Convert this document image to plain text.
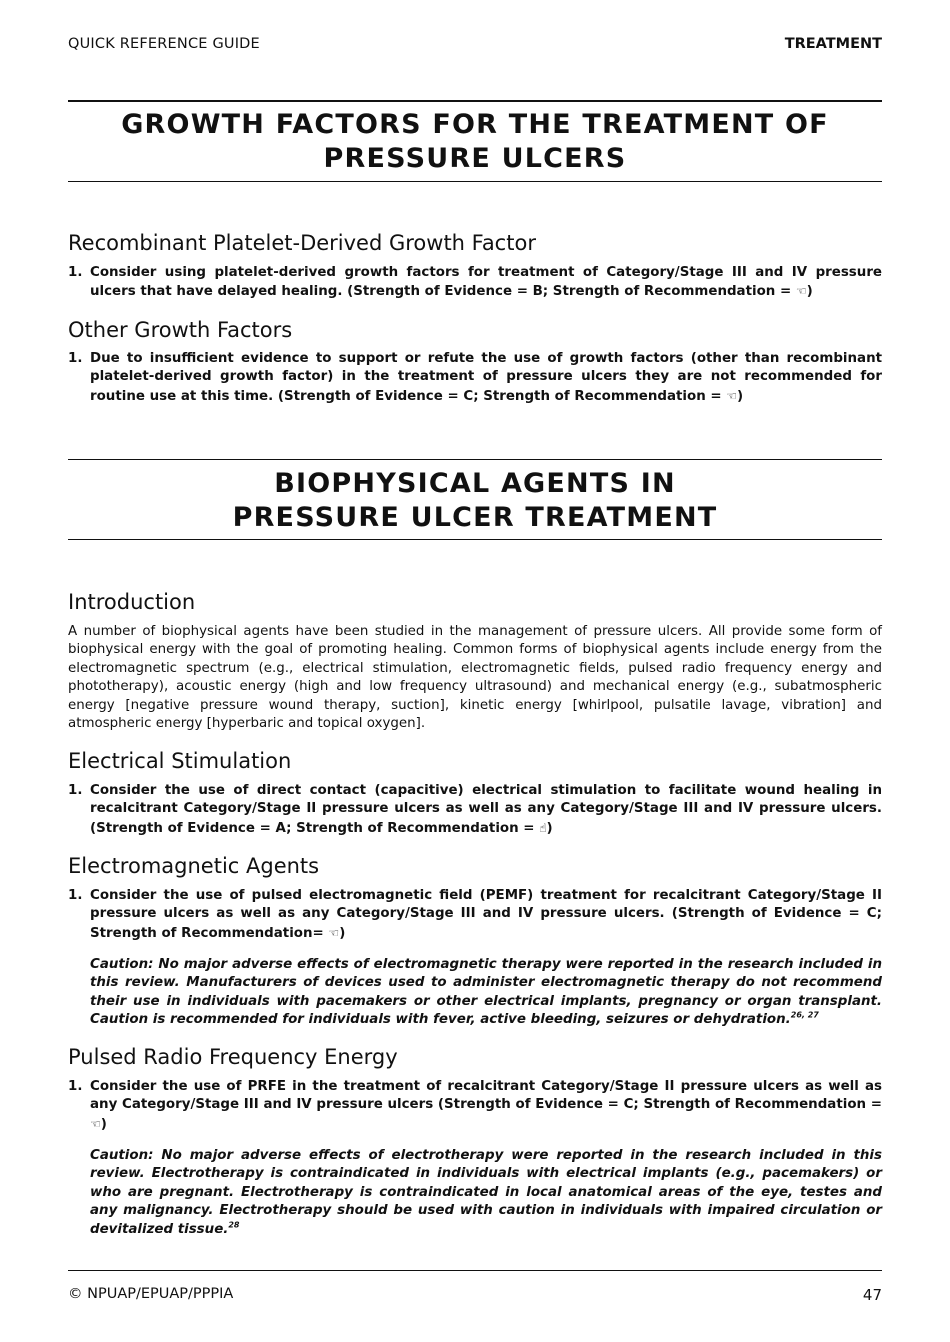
QUICK REFERENCE GUIDE	TREATMENT
GROWTH FACTORS FOR THE TREATMENT OF
PRESSURE ULCERS
Recombinant Platelet-Derived Growth Factor
1. Consider using platelet-derived growth factors for treatment of Category/Stage III and IV pressure ulcers that have delayed healing. (Strength of Evidence = B; Strength of Recommendation = ☜)
Other Growth Factors
1. Due to insufficient evidence to support or refute the use of growth factors (other than recombinant platelet-derived growth factor) in the treatment of pressure ulcers they are not recommended for routine use at this time. (Strength of Evidence = C; Strength of Recommendation = ☜)
BIOPHYSICAL AGENTS IN
PRESSURE ULCER TREATMENT
Introduction
A number of biophysical agents have been studied in the management of pressure ulcers. All provide some form of biophysical energy with the goal of promoting healing. Common forms of biophysical agents include energy from the electromagnetic spectrum (e.g., electrical stimulation, electromagnetic fields, pulsed radio frequency energy and phototherapy), acoustic energy (high and low frequency ultrasound) and mechanical energy (e.g., subatmospheric energy [negative pressure wound therapy, suction], kinetic energy [whirlpool, pulsatile lavage, vibration] and atmospheric energy [hyperbaric and topical oxygen].
Electrical Stimulation
1. Consider the use of direct contact (capacitive) electrical stimulation to facilitate wound healing in recalcitrant Category/Stage II pressure ulcers as well as any Category/Stage III and IV pressure ulcers. (Strength of Evidence = A; Strength of Recommendation = ☝)
Electromagnetic Agents
1. Consider the use of pulsed electromagnetic field (PEMF) treatment for recalcitrant Category/Stage II pressure ulcers as well as any Category/Stage III and IV pressure ulcers. (Strength of Evidence = C; Strength of Recommendation= ☜)
Caution: No major adverse effects of electromagnetic therapy were reported in the research included in this review. Manufacturers of devices used to administer electromagnetic therapy do not recommend their use in individuals with pacemakers or other electrical implants, pregnancy or organ transplant. Caution is recommended for individuals with fever, active bleeding, seizures or dehydration.$^{26, 27}$
Pulsed Radio Frequency Energy
1. Consider the use of PRFE in the treatment of recalcitrant Category/Stage II pressure ulcers as well as any Category/Stage III and IV pressure ulcers (Strength of Evidence = C; Strength of Recommendation = ☜)
Caution: No major adverse effects of electrotherapy were reported in the research included in this review. Electrotherapy is contraindicated in individuals with electrical implants (e.g., pacemakers) or who are pregnant. Electrotherapy is contraindicated in local anatomical areas of the eye, testes and any malignancy. Electrotherapy should be used with caution in individuals with impaired circulation or devitalized tissue.$^{28}$
© NPUAP/EPUAP/PPPIA	47
